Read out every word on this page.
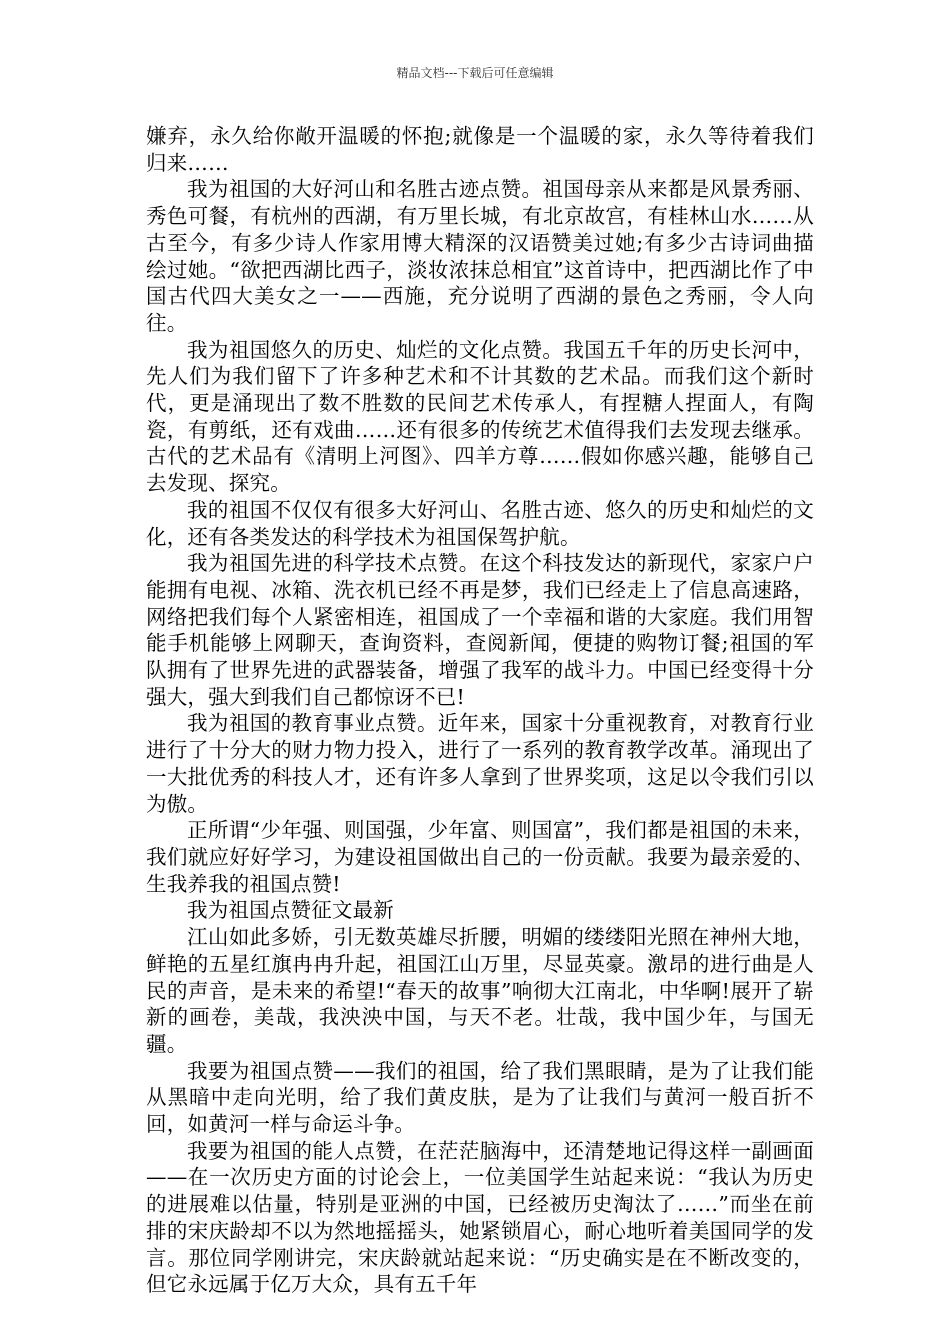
精品文档---下载后可任意编辑

嫌弃，永久给你敞开温暖的怀抱;就像是一个温暖的家，永久等待着我们归来……

我为祖国的大好河山和名胜古迹点赞。祖国母亲从来都是风景秀丽、秀色可餐，有杭州的西湖，有万里长城，有北京故宫，有桂林山水……从古至今，有多少诗人作家用博大精深的汉语赞美过她;有多少古诗词曲描绘过她。“欲把西湖比西子，淡妆浓抹总相宜”这首诗中，把西湖比作了中国古代四大美女之一——西施，充分说明了西湖的景色之秀丽，令人向往。

我为祖国悠久的历史、灿烂的文化点赞。我国五千年的历史长河中，先人们为我们留下了许多种艺术和不计其数的艺术品。而我们这个新时代，更是涌现出了数不胜数的民间艺术传承人，有捏糖人捏面人，有陶瓷，有剪纸，还有戏曲……还有很多的传统艺术值得我们去发现去继承。古代的艺术品有《清明上河图》、四羊方尊……假如你感兴趣，能够自己去发现、探究。

我的祖国不仅仅有很多大好河山、名胜古迹、悠久的历史和灿烂的文化，还有各类发达的科学技术为祖国保驾护航。

我为祖国先进的科学技术点赞。在这个科技发达的新现代，家家户户能拥有电视、冰箱、洗衣机已经不再是梦，我们已经走上了信息高速路，网络把我们每个人紧密相连，祖国成了一个幸福和谐的大家庭。我们用智能手机能够上网聊天，查询资料，查阅新闻，便捷的购物订餐;祖国的军队拥有了世界先进的武器装备，增强了我军的战斗力。中国已经变得十分强大，强大到我们自己都惊讶不已!

我为祖国的教育事业点赞。近年来，国家十分重视教育，对教育行业进行了十分大的财力物力投入，进行了一系列的教育教学改革。涌现出了一大批优秀的科技人才，还有许多人拿到了世界奖项，这足以令我们引以为傲。

正所谓“少年强、则国强，少年富、则国富”，我们都是祖国的未来，我们就应好好学习，为建设祖国做出自己的一份贡献。我要为最亲爱的、生我养我的祖国点赞!

我为祖国点赞征文最新

江山如此多娇，引无数英雄尽折腰，明媚的缕缕阳光照在神州大地，鲜艳的五星红旗冉冉升起，祖国江山万里，尽显英豪。激昂的进行曲是人民的声音，是未来的希望!“春天的故事”响彻大江南北，中华啊!展开了崭新的画卷，美哉，我泱泱中国，与天不老。壮哉，我中国少年，与国无疆。

我要为祖国点赞——我们的祖国，给了我们黑眼睛，是为了让我们能从黑暗中走向光明，给了我们黄皮肤，是为了让我们与黄河一般百折不回，如黄河一样与命运斗争。

我要为祖国的能人点赞，在茫茫脑海中，还清楚地记得这样一副画面——在一次历史方面的讨论会上，一位美国学生站起来说：“我认为历史的进展难以估量，特别是亚洲的中国，已经被历史淘汰了……”而坐在前排的宋庆龄却不以为然地摇摇头，她紧锁眉心，耐心地听着美国同学的发言。那位同学刚讲完，宋庆龄就站起来说：“历史确实是在不断改变的，但它永远属于亿万大众，具有五千年
